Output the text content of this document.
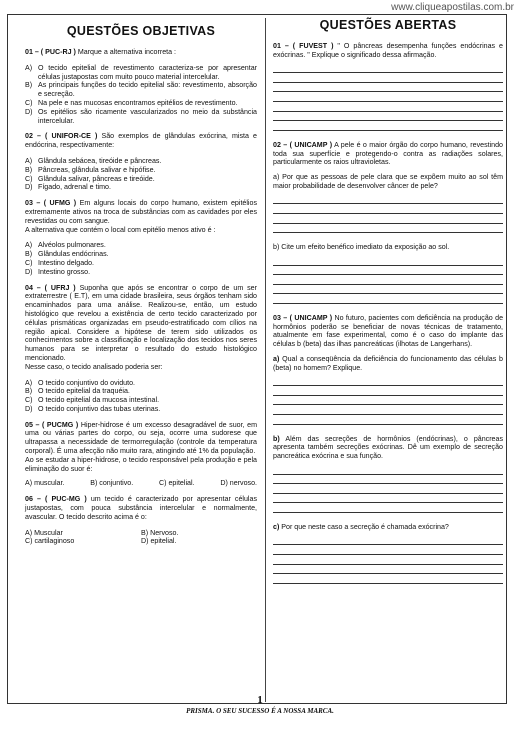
www.cliqueapostilas.com.br
QUESTÕES OBJETIVAS
01 – ( PUC-RJ ) Marque a alternativa incorreta :
A) O tecido epitelial de revestimento caracteriza-se por apresentar células justapostas com muito pouco material intercelular.
B) As principais funções do tecido epitelial são: revestimento, absorção e secreção.
C) Na pele e nas mucosas encontramos epitélios de revestimento.
D) Os epitélios são ricamente vascularizados no meio da substância intercelular.
02 – ( UNIFOR-CE ) São exemplos de glândulas exócrina, mista e endócrina, respectivamente:
A) Glândula sebácea, tireóide e pâncreas.
B) Pâncreas, glândula salivar e hipófise.
C) Glândula salivar, pâncreas e tireóide.
D) Fígado, adrenal e timo.
03 – ( UFMG ) Em alguns locais do corpo humano, existem epitélios extremamente ativos na troca de substâncias com as cavidades por eles revestidas ou com sangue.
A alternativa que contém o local com epitélio menos ativo é :
A) Alvéolos pulmonares.
B) Glândulas endócrinas.
C) Intestino delgado.
D) Intestino grosso.
04 – ( UFRJ ) Suponha que após se encontrar o corpo de um ser extraterrestre ( E.T), em uma cidade brasileira, seus órgãos tenham sido encaminhados para uma análise. Realizou-se, então, um estudo histológico que revelou a existência de certo tecido caracterizado por células prismáticas organizadas em pseudo-estratificado com cílios na região apical. Considere a hipótese de terem sido utilizados os conhecimentos sobre a classificação e localização dos tecidos nos seres humanos para se interpretar o resultado do estudo histológico mencionado.
Nesse caso, o tecido analisado poderia ser:
A) O tecido conjuntivo do oviduto.
B) O tecido epitelial da traquéia.
C) O tecido epitelial da mucosa intestinal.
D) O tecido conjuntivo das tubas uterinas.
05 – ( PUCMG ) Hiper-hidrose é um excesso desagradável de suor, em uma ou várias partes do corpo, ou seja, ocorre uma sudorese que ultrapassa a necessidade de termorregulação (controle da temperatura corporal). É uma afecção não muito rara, atingindo até 1% da população.
Ao se estudar a hiper-hidrose, o tecido responsável pela produção e pela eliminação do suor é:
A) muscular.	B) conjuntivo.	C) epitelial.	D) nervoso.
06 – ( PUC-MG ) um tecido é caracterizado por apresentar células justapostas, com pouca substância intercelular e normalmente, avascular. O tecido descrito acima é o:
A) Muscular	B) Nervoso.
C) cartilaginoso	D) epitelial.
QUESTÕES ABERTAS
01 – ( FUVEST ) " O pâncreas desempenha funções endócrinas e exócrinas. " Explique o significado dessa afirmação.
02 – ( UNICAMP ) A pele é o maior órgão do corpo humano, revestindo toda sua superfície e protegendo-o contra as radiações solares, particularmente os raios ultravioletas.
a) Por que as pessoas de pele clara que se expõem muito ao sol têm maior probabilidade de desenvolver câncer de pele?
b) Cite um efeito benéfico imediato da exposição ao sol.
03 – ( UNICAMP ) No futuro, pacientes com deficiência na produção de hormônios poderão se beneficiar de novas técnicas de tratamento, atualmente em fase experimental, como é o caso do implante das células b (beta) das ilhas pancreáticas (ilhotas de Langerhans).
a) Qual a conseqüência da deficiência do funcionamento das células b (beta) no homem? Explique.
b) Além das secreções de hormônios (endócrinas), o pâncreas apresenta também secreções exócrinas. Dê um exemplo de secreção pancreática exócrina e sua função.
c) Por que neste caso a secreção é chamada exócrina?
1
PRISMA. O SEU SUCESSO É A NOSSA MARCA.
